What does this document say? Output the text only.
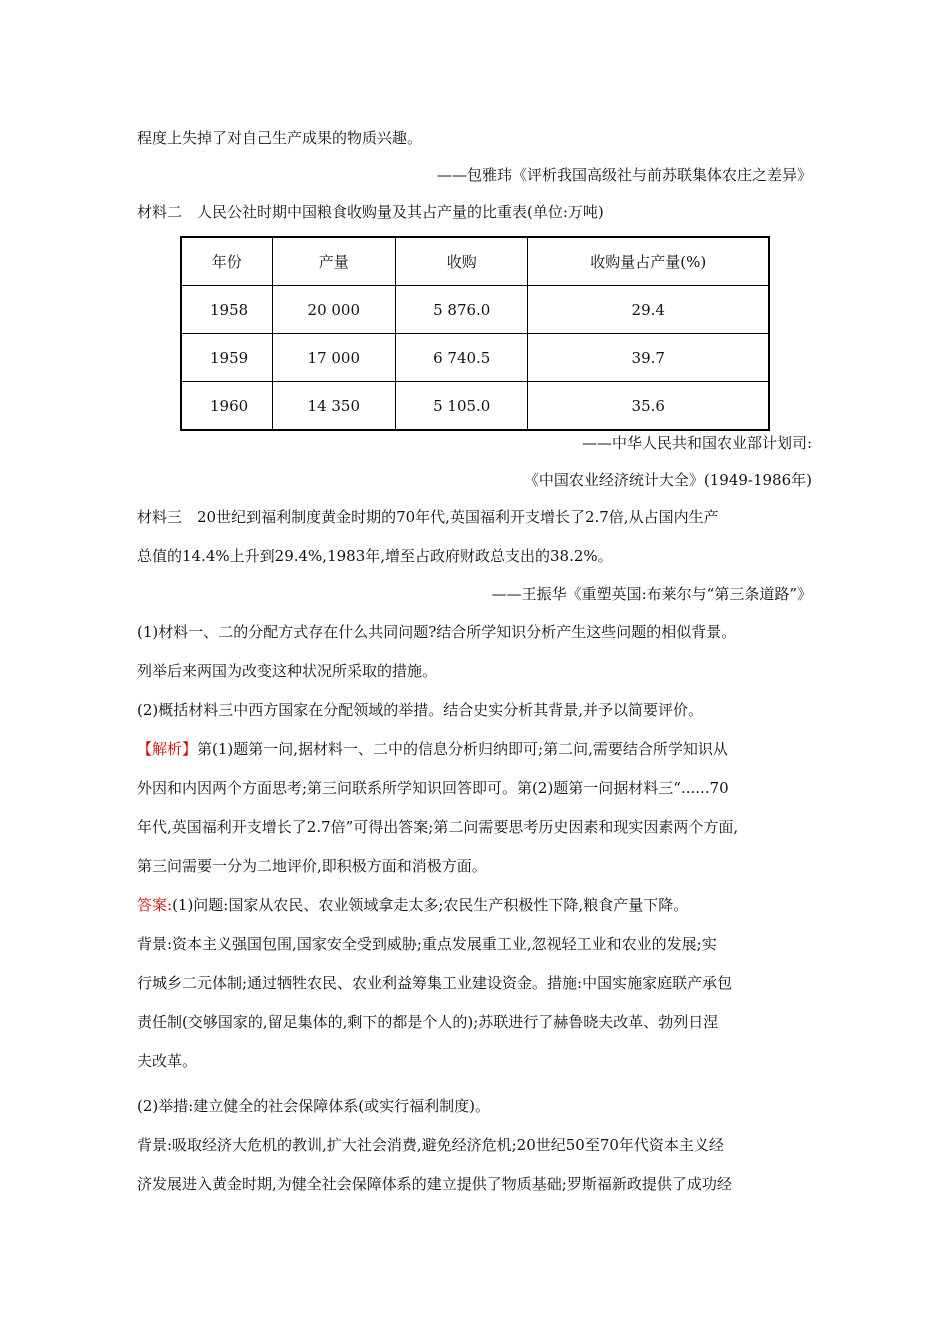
程度上失掉了对自己生产成果的物质兴趣。
——包雅玮《评析我国高级社与前苏联集体农庄之差异》
材料二　人民公社时期中国粮食收购量及其占产量的比重表(单位:万吨)
年份	产量	收购	收购量占产量(%)
1958	20 000	5 876.0	29.4
1959	17 000	6 740.5	39.7
1960	14 350	5 105.0	35.6
——中华人民共和国农业部计划司:
《中国农业经济统计大全》(1949-1986年)
材料三　20世纪到福利制度黄金时期的70年代,英国福利开支增长了2.7倍,从占国内生产
总值的14.4%上升到29.4%,1983年,增至占政府财政总支出的38.2%。
——王振华《重塑英国:布莱尔与“第三条道路”》
(1)材料一、二的分配方式存在什么共同问题?结合所学知识分析产生这些问题的相似背景。
列举后来两国为改变这种状况所采取的措施。
(2)概括材料三中西方国家在分配领域的举措。结合史实分析其背景,并予以简要评价。
【解析】第(1)题第一问,据材料一、二中的信息分析归纳即可;第二问,需要结合所学知识从
外因和内因两个方面思考;第三问联系所学知识回答即可。第(2)题第一问据材料三“......70
年代,英国福利开支增长了2.7倍”可得出答案;第二问需要思考历史因素和现实因素两个方面,
第三问需要一分为二地评价,即积极方面和消极方面。
答案:(1)问题:国家从农民、农业领域拿走太多;农民生产积极性下降,粮食产量下降。
背景:资本主义强国包围,国家安全受到威胁;重点发展重工业,忽视轻工业和农业的发展;实
行城乡二元体制;通过牺牲农民、农业利益筹集工业建设资金。措施:中国实施家庭联产承包
责任制(交够国家的,留足集体的,剩下的都是个人的);苏联进行了赫鲁晓夫改革、勃列日涅
夫改革。
(2)举措:建立健全的社会保障体系(或实行福利制度)。
背景:吸取经济大危机的教训,扩大社会消费,避免经济危机;20世纪50至70年代资本主义经
济发展进入黄金时期,为健全社会保障体系的建立提供了物质基础;罗斯福新政提供了成功经
